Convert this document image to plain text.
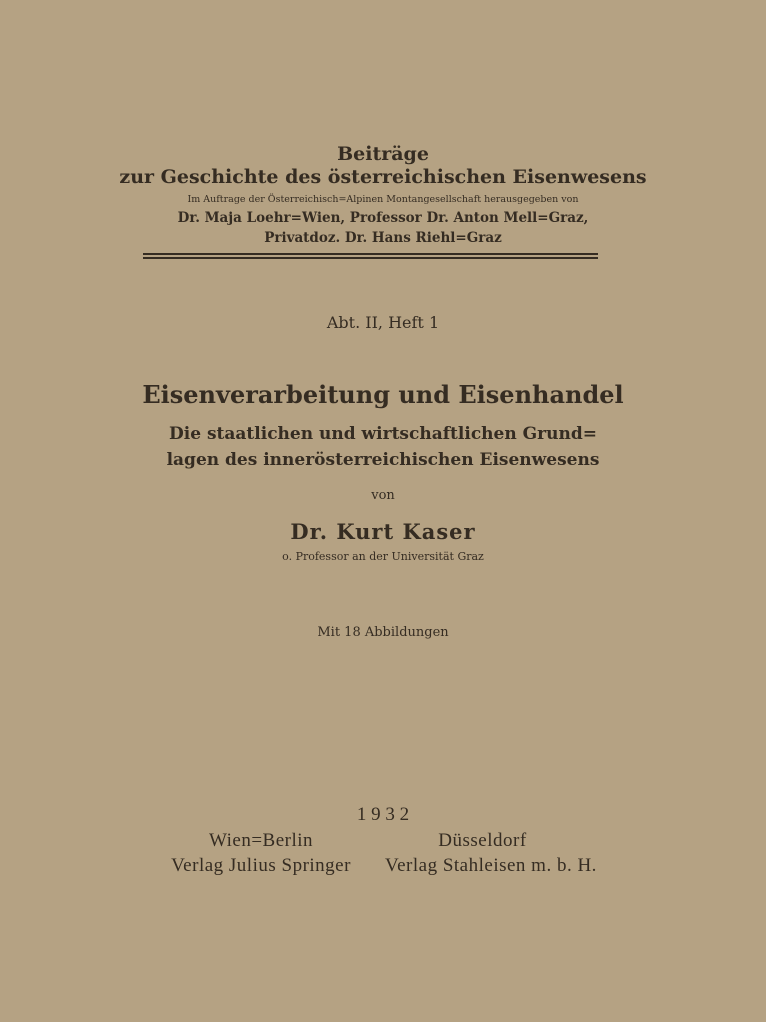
Beiträge
zur Geschichte des österreichischen Eisenwesens
Im Auftrage der Österreichisch=Alpinen Montangesellschaft herausgegeben von
Dr. Maja Loehr=Wien, Professor Dr. Anton Mell=Graz,
Privatdoz. Dr. Hans Riehl=Graz
Abt. II, Heft 1
Eisenverarbeitung und Eisenhandel
Die staatlichen und wirtschaftlichen Grund=
lagen des innerösterreichischen Eisenwesens
von
Dr. Kurt Kaser
o. Professor an der Universität Graz
Mit 18 Abbildungen
1 9 3 2
Wien=Berlin
Verlag Julius Springer
Düsseldorf
Verlag Stahleisen m. b. H.
